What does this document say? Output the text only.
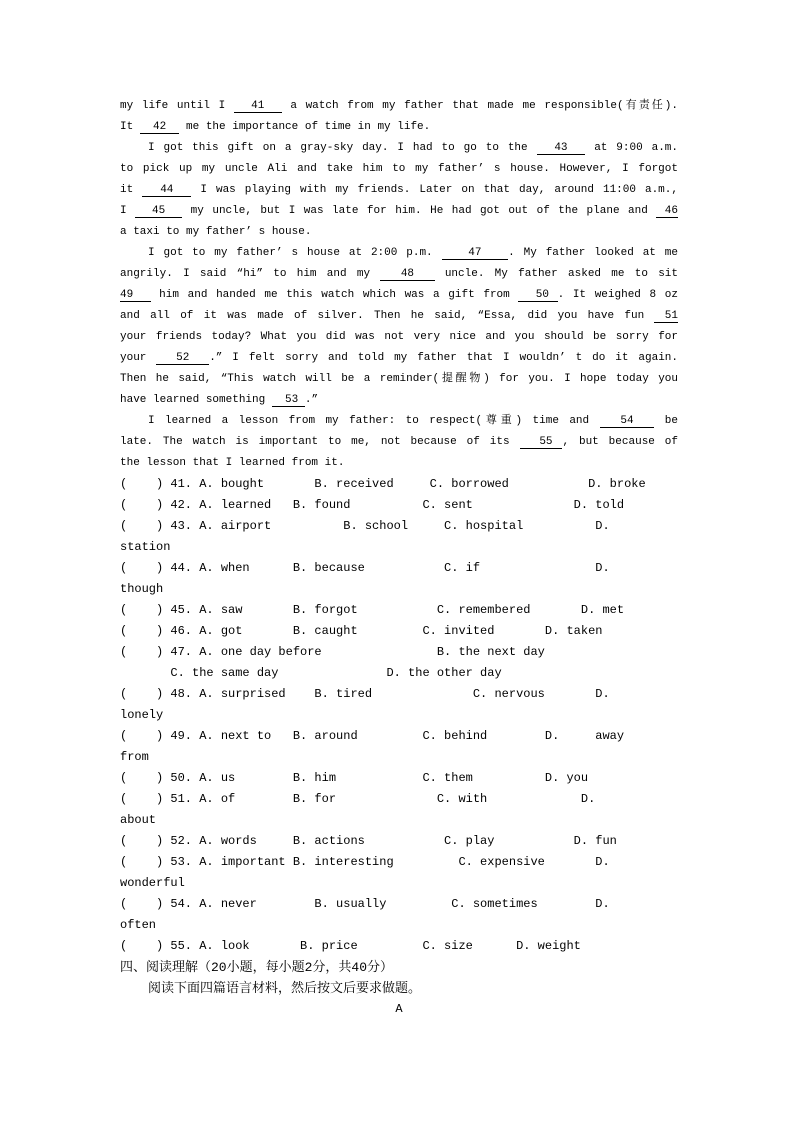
my life until I   41   a watch from my father that made me responsible(有责任).
It   42   me the importance of time in my life.
I got this gift on a gray-sky day. I had to go to the   43   at 9:00 a.m.
to pick up my uncle Ali and take him to my father’ s house. However, I forgot
it   44   I was playing with my friends. Later on that day, around 11:00 a.m.,
I   45   my uncle, but I was late for him. He had got out of the plane and  46
a taxi to my father’ s house.
I got to my father’ s house at 2:00 p.m.    47   . My father looked at me
angrily. I said “hi” to him and my   48   uncle. My father asked me to sit
49   him and handed me this watch which was a gift from   50 . It weighed 8 oz
and all of it was made of silver. Then he said, “Essa, did you have fun  51
your friends today? What you did was not very nice and you should be sorry for
your   52  .” I felt sorry and told my father that I wouldn’ t do it again.
Then he said, “This watch will be a reminder(提醒物) for you. I hope today you
have learned something   53 .”
I learned a lesson from my father: to respect(尊重) time and   54   be
late. The watch is important to me, not because of its   55 , but because of
the lesson that I learned from it.
(    ) 41. A. bought       B. received     C. borrowed           D. broke
(    ) 42. A. learned   B. found          C. sent              D. told
(    ) 43. A. airport          B. school     C. hospital          D.
station
(    ) 44. A. when      B. because           C. if                D.
though
(    ) 45. A. saw       B. forgot           C. remembered       D. met
(    ) 46. A. got       B. caught         C. invited       D. taken
(    ) 47. A. one day before                B. the next day
C. the same day               D. the other day
(    ) 48. A. surprised    B. tired              C. nervous       D.
lonely
(    ) 49. A. next to   B. around         C. behind        D.     away
from
(    ) 50. A. us        B. him            C. them          D. you
(    ) 51. A. of        B. for              C. with             D.
about
(    ) 52. A. words     B. actions           C. play           D. fun
(    ) 53. A. important B. interesting         C. expensive       D.
wonderful
(    ) 54. A. never        B. usually         C. sometimes        D.
often
(    ) 55. A. look       B. price         C. size      D. weight
四、阅读理解（20小题，每小题2分，共40分）
阅读下面四篇语言材料，然后按文后要求做题。
A
